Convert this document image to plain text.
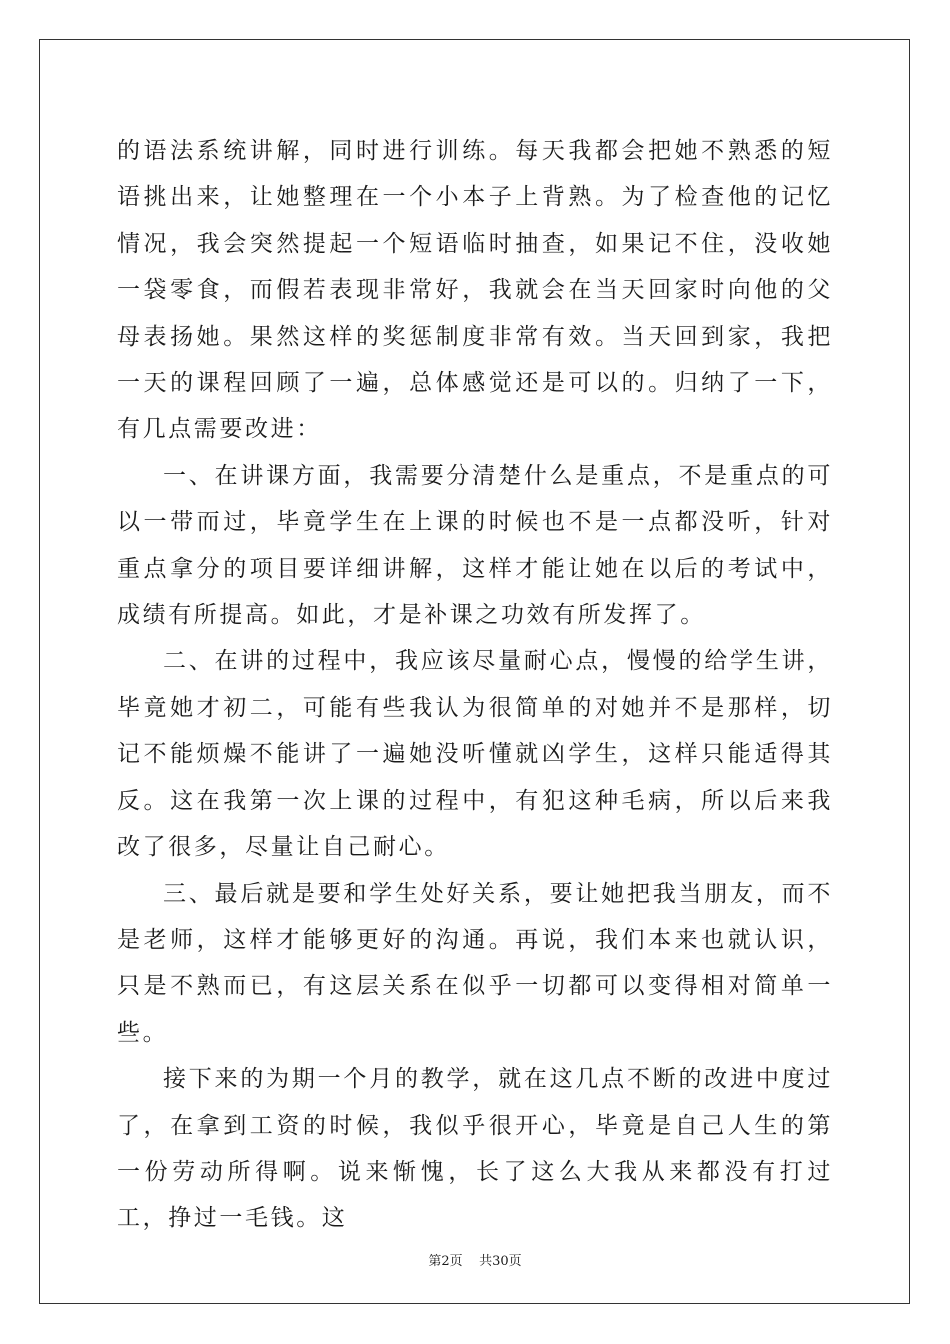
的语法系统讲解，同时进行训练。每天我都会把她不熟悉的短语挑出来，让她整理在一个小本子上背熟。为了检查他的记忆情况，我会突然提起一个短语临时抽查，如果记不住，没收她一袋零食，而假若表现非常好，我就会在当天回家时向他的父母表扬她。果然这样的奖惩制度非常有效。当天回到家，我把一天的课程回顾了一遍，总体感觉还是可以的。归纳了一下，有几点需要改进：

一、在讲课方面，我需要分清楚什么是重点，不是重点的可以一带而过，毕竟学生在上课的时候也不是一点都没听，针对重点拿分的项目要详细讲解，这样才能让她在以后的考试中，成绩有所提高。如此，才是补课之功效有所发挥了。

二、在讲的过程中，我应该尽量耐心点，慢慢的给学生讲，毕竟她才初二，可能有些我认为很简单的对她并不是那样，切记不能烦燥不能讲了一遍她没听懂就凶学生，这样只能适得其反。这在我第一次上课的过程中，有犯这种毛病，所以后来我改了很多，尽量让自己耐心。

三、最后就是要和学生处好关系，要让她把我当朋友，而不是老师，这样才能够更好的沟通。再说，我们本来也就认识，只是不熟而已，有这层关系在似乎一切都可以变得相对简单一些。

接下来的为期一个月的教学，就在这几点不断的改进中度过了，在拿到工资的时候，我似乎很开心，毕竟是自己人生的第一份劳动所得啊。说来惭愧，长了这么大我从来都没有打过工，挣过一毛钱。这

第2页    共30页
